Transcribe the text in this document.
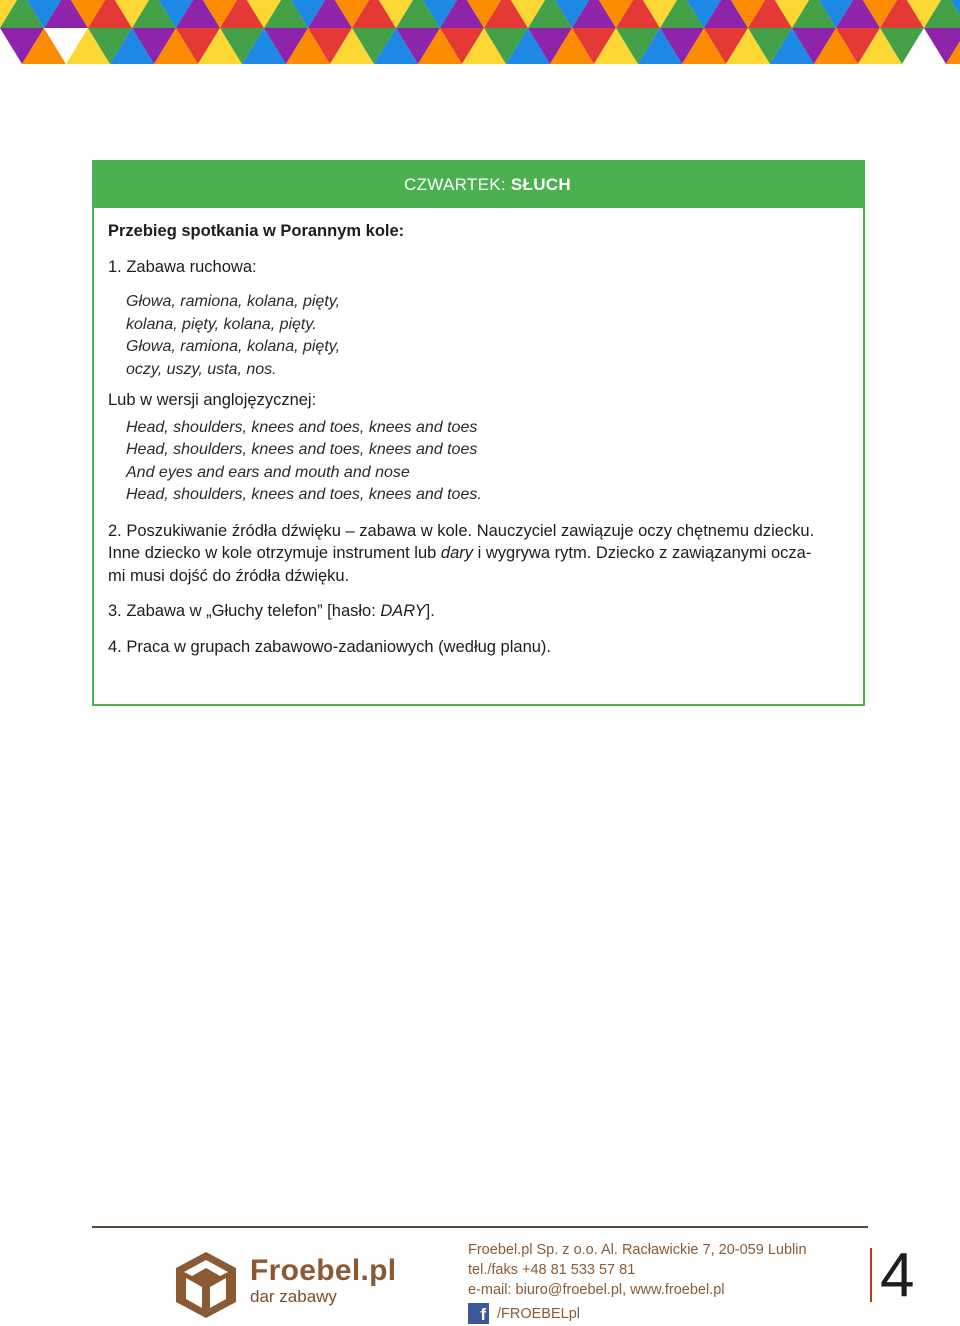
CZWARTEK: SŁUCH

Przebieg spotkania w Porannym kole:

1. Zabawa ruchowa:

Głowa, ramiona, kolana, pięty,

kolana, pięty, kolana, pięty.

Głowa, ramiona, kolana, pięty,

oczy, uszy, usta, nos.

Lub w wersji anglojęzycznej:

Head, shoulders, knees and toes, knees and toes

Head, shoulders, knees and toes, knees and toes

And eyes and ears and mouth and nose

Head, shoulders, knees and toes, knees and toes.

2. Poszukiwanie źródła dźwięku – zabawa w kole. Nauczyciel zawiązuje oczy chętnemu dziecku.

Inne dziecko w kole otrzymuje instrument lub dary i wygrywa rytm. Dziecko z zawiązanymi ocza-

mi musi dojść do źródła dźwięku.

3. Zabawa w „Głuchy telefon” [hasło: DARY].

4. Praca w grupach zabawowo-zadaniowych (według planu).

Froebel.pl
dar zabawy

Froebel.pl Sp. z o.o. Al. Racławickie 7, 20-059 Lublin

tel./faks +48 81 533 57 81

e-mail: biuro@froebel.pl, www.froebel.pl

f /FROEBELpl

4
